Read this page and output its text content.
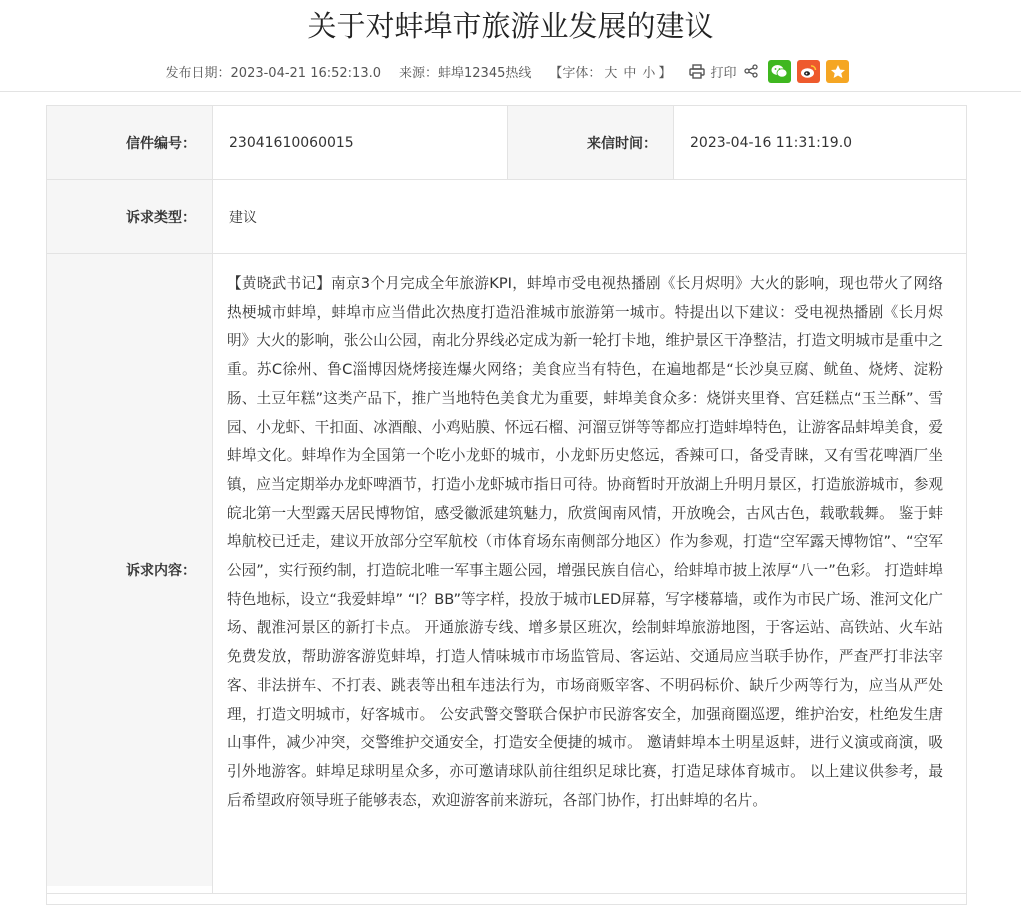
关于对蚌埠市旅游业发展的建议
发布日期：2023-04-21 16:52:13.0 来源：蚌埠12345热线 【字体： 大 中 小 】	打印
信件编号：	23041610060015	来信时间：	2023-04-16 11:31:19.0
诉求类型：	建议
诉求内容：
【黄晓武书记】南京3个月完成全年旅游KPI，蚌埠市受电视热播剧《长月烬明》大火的影响，现也带火了网络热梗城市蚌埠，蚌埠市应当借此次热度打造沿淮城市旅游第一城市。特提出以下建议：受电视热播剧《长月烬明》大火的影响，张公山公园，南北分界线必定成为新一轮打卡地，维护景区干净整洁，打造文明城市是重中之重。苏C徐州、鲁C淄博因烧烤接连爆火网络；美食应当有特色，在遍地都是“长沙臭豆腐、鱿鱼、烧烤、淀粉肠、土豆年糕”这类产品下，推广当地特色美食尤为重要，蚌埠美食众多：烧饼夹里脊、宫廷糕点“玉兰酥”、雪园、小龙虾、干扣面、冰酒酿、小鸡贴膜、怀远石榴、河溜豆饼等等都应打造蚌埠特色，让游客品蚌埠美食，爱蚌埠文化。蚌埠作为全国第一个吃小龙虾的城市，小龙虾历史悠远，香辣可口，备受青睐，又有雪花啤酒厂坐镇，应当定期举办龙虾啤酒节，打造小龙虾城市指日可待。协商暂时开放湖上升明月景区，打造旅游城市，参观皖北第一大型露天居民博物馆，感受徽派建筑魅力，欣赏闽南风情，开放晚会，古风古色，载歌载舞。 鉴于蚌埠航校已迁走，建议开放部分空军航校（市体育场东南侧部分地区）作为参观，打造“空军露天博物馆”、“空军公园”，实行预约制，打造皖北唯一军事主题公园，增强民族自信心，给蚌埠市披上浓厚“八一”色彩。 打造蚌埠特色地标，设立“我爱蚌埠” “I？BB”等字样，投放于城市LED屏幕，写字楼幕墙，或作为市民广场、淮河文化广场、靓淮河景区的新打卡点。 开通旅游专线、增多景区班次，绘制蚌埠旅游地图，于客运站、高铁站、火车站免费发放，帮助游客游览蚌埠，打造人情味城市市场监管局、客运站、交通局应当联手协作，严查严打非法宰客、非法拼车、不打表、跳表等出租车违法行为，市场商贩宰客、不明码标价、缺斤少两等行为，应当从严处理，打造文明城市，好客城市。 公安武警交警联合保护市民游客安全，加强商圈巡逻，维护治安，杜绝发生唐山事件，减少冲突，交警维护交通安全，打造安全便捷的城市。 邀请蚌埠本土明星返蚌，进行义演或商演，吸引外地游客。蚌埠足球明星众多，亦可邀请球队前往组织足球比赛，打造足球体育城市。 以上建议供参考，最后希望政府领导班子能够表态，欢迎游客前来游玩，各部门协作，打出蚌埠的名片。
